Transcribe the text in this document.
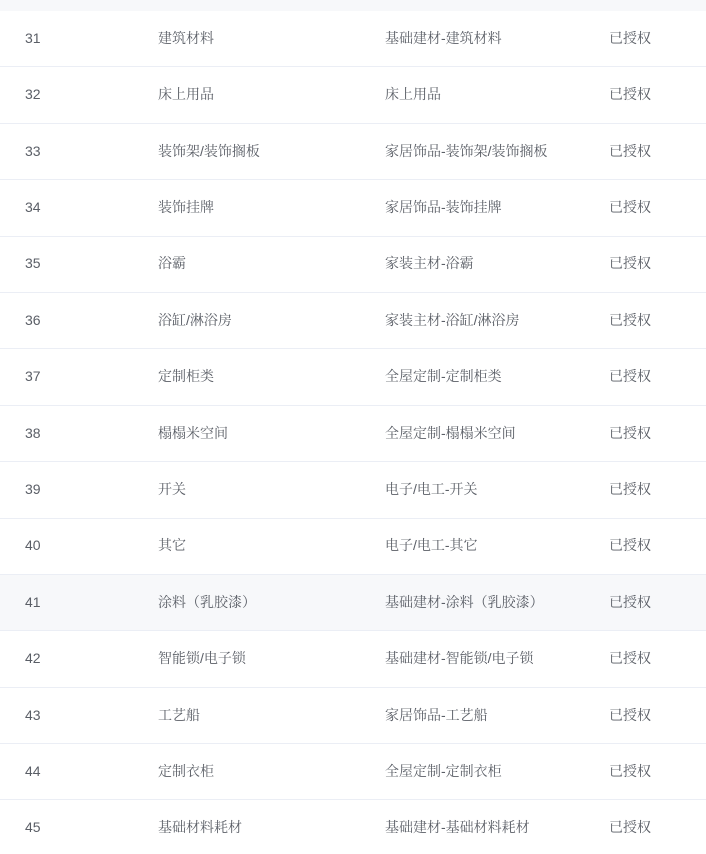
31	建筑材料	基础建材-建筑材料	已授权
32	床上用品	床上用品	已授权
33	装饰架/装饰搁板	家居饰品-装饰架/装饰搁板	已授权
34	装饰挂牌	家居饰品-装饰挂牌	已授权
35	浴霸	家装主材-浴霸	已授权
36	浴缸/淋浴房	家装主材-浴缸/淋浴房	已授权
37	定制柜类	全屋定制-定制柜类	已授权
38	榻榻米空间	全屋定制-榻榻米空间	已授权
39	开关	电子/电工-开关	已授权
40	其它	电子/电工-其它	已授权
41	涂料（乳胶漆）	基础建材-涂料（乳胶漆）	已授权
42	智能锁/电子锁	基础建材-智能锁/电子锁	已授权
43	工艺船	家居饰品-工艺船	已授权
44	定制衣柜	全屋定制-定制衣柜	已授权
45	基础材料耗材	基础建材-基础材料耗材	已授权
